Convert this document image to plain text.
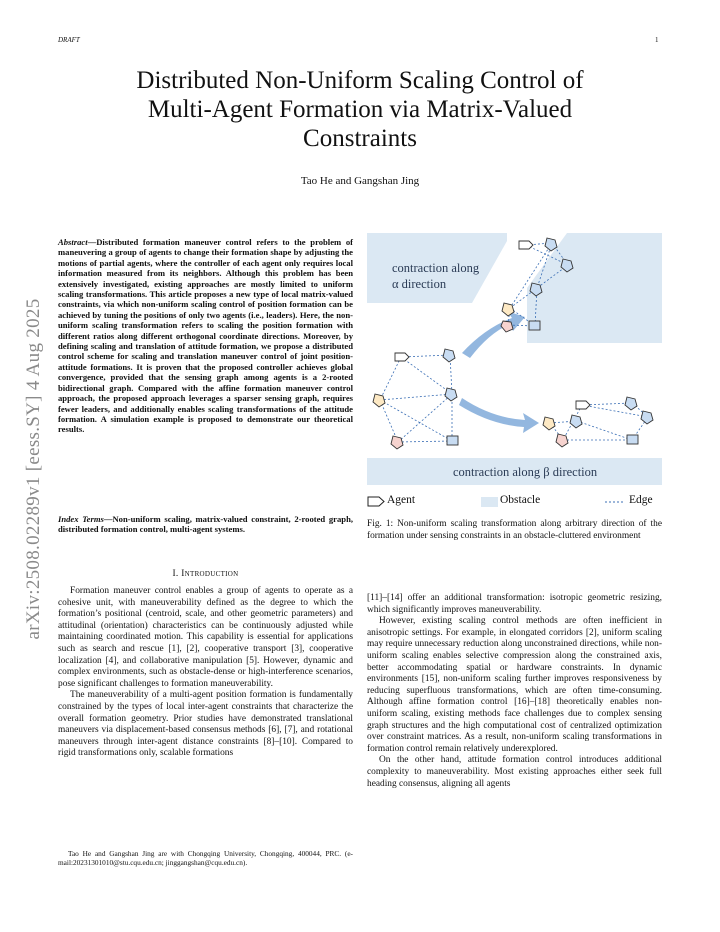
DRAFT	1
Distributed Non-Uniform Scaling Control of
Multi-Agent Formation via Matrix-Valued
Constraints
Tao He and Gangshan Jing
arXiv:2508.02289v1 [eess.SY] 4 Aug 2025
Abstract—Distributed formation maneuver control refers to the problem of maneuvering a group of agents to change their formation shape by adjusting the motions of partial agents, where the controller of each agent only requires local information measured from its neighbors. Although this problem has been extensively investigated, existing approaches are mostly limited to uniform scaling transformations. This article proposes a new type of local matrix-valued constraints, via which non-uniform scaling control of position formation can be achieved by tuning the positions of only two agents (i.e., leaders). Here, the non-uniform scaling transformation refers to scaling the position formation with different ratios along different orthogonal coordinate directions. Moreover, by defining scaling and translation of attitude formation, we propose a distributed control scheme for scaling and translation maneuver control of joint position-attitude formations. It is proven that the proposed controller achieves global convergence, provided that the sensing graph among agents is a 2-rooted bidirectional graph. Compared with the affine formation maneuver control approach, the proposed approach leverages a sparser sensing graph, requires fewer leaders, and additionally enables scaling transformations of the attitude formation. A simulation example is proposed to demonstrate our theoretical results.
Index Terms—Non-uniform scaling, matrix-valued constraint, 2-rooted graph, distributed formation control, multi-agent systems.
I. Introduction

Formation maneuver control enables a group of agents to operate as a cohesive unit, with maneuverability defined as the degree to which the formation’s positional (centroid, scale, and other geometric parameters) and attitudinal (orientation) characteristics can be continuously adjusted while maintaining coordinated motion. This capability is essential for applications such as search and rescue [1], [2], cooperative transport [3], cooperative localization [4], and collaborative manipulation [5]. However, dynamic and complex environments, such as obstacle-dense or high-interference scenarios, pose significant challenges to formation maneuverability.

The maneuverability of a multi-agent position formation is fundamentally constrained by the types of local inter-agent constraints that characterize the overall formation geometry. Prior studies have demonstrated translational maneuvers via displacement-based consensus methods [6], [7], and rotational maneuvers through inter-agent distance constraints [8]–[10]. Compared to rigid transformations only, scalable formations

Tao He and Gangshan Jing are with Chongqing University, Chongqing, 400044, PRC. (e-mail:20231301010@stu.cqu.edu.cn; jinggangshan@cqu.edu.cn).

contraction along
α direction
contraction along β direction
Agent	Obstacle	Edge
Fig. 1: Non-uniform scaling transformation along arbitrary direction of the formation under sensing constraints in an obstacle-cluttered environment

[11]–[14] offer an additional transformation: isotropic geometric resizing, which significantly improves maneuverability.

However, existing scaling control methods are often inefficient in anisotropic settings. For example, in elongated corridors [2], uniform scaling may require unnecessary reduction along unconstrained directions, while non-uniform scaling enables selective compression along the constrained axis, better accommodating spatial or hardware constraints. In dynamic environments [15], non-uniform scaling further improves responsiveness by reducing superfluous transformations, which are often time-consuming. Although affine formation control [16]–[18] theoretically enables non-uniform scaling, existing methods face challenges due to complex sensing graph structures and the high computational cost of centralized optimization over constraint matrices. As a result, non-uniform scaling transformations in formation control remain relatively underexplored.

On the other hand, attitude formation control introduces additional complexity to maneuverability. Most existing approaches either seek full heading consensus, aligning all agents
